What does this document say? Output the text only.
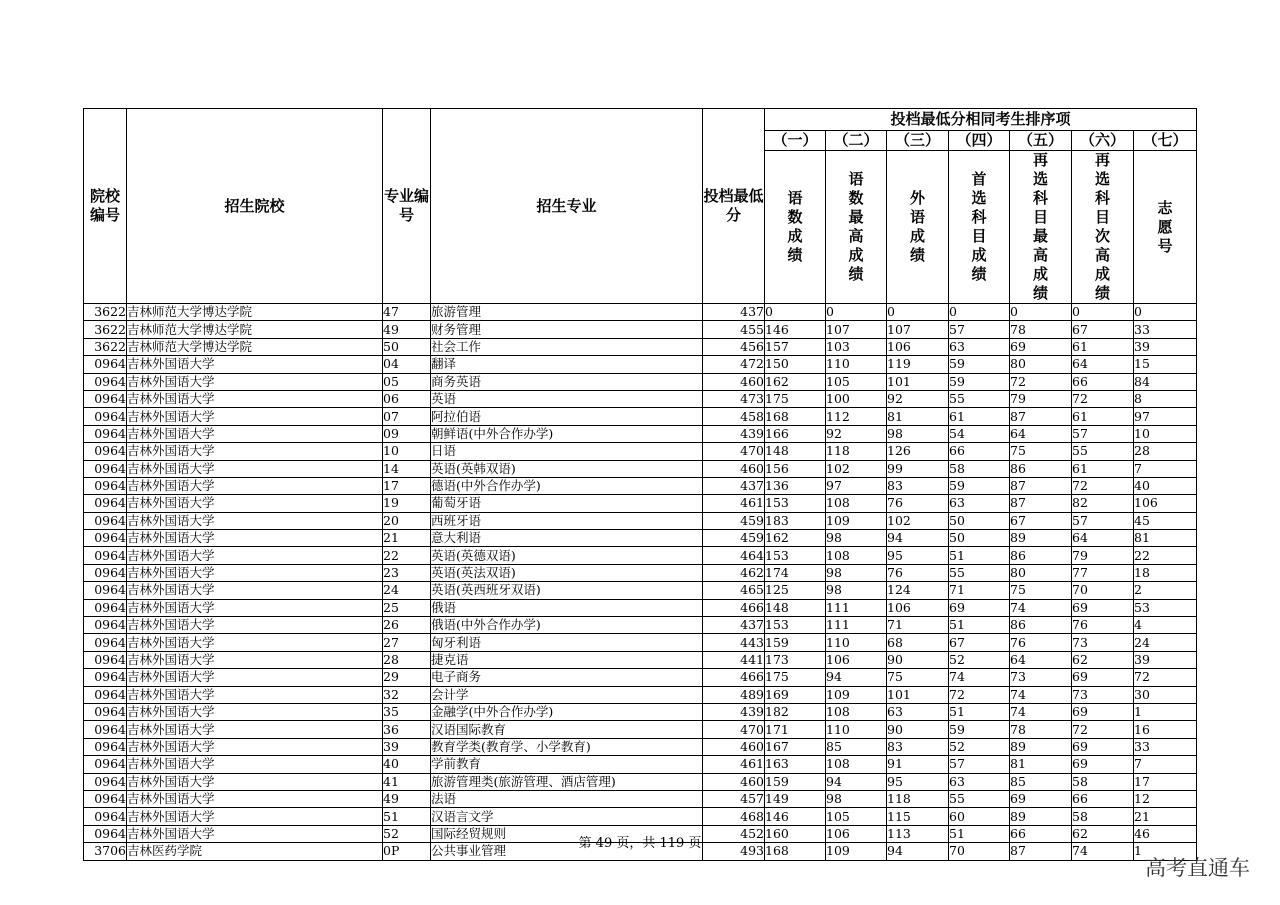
院校编号	招生院校	专业编号	招生专业	投档最低分	投档最低分相同考生排序项						
					（一）	（二）	（三）	（四）	（五）	（六）	（七）
					语数成绩	语数最高成绩	外语成绩	首选科目成绩	再选科目最高成绩	再选科目次高成绩	志愿号
3622	吉林师范大学博达学院	47	旅游管理	437	0	0	0	0	0	0	0
3622	吉林师范大学博达学院	49	财务管理	455	146	107	107	57	78	67	33
3622	吉林师范大学博达学院	50	社会工作	456	157	103	106	63	69	61	39
0964	吉林外国语大学	04	翻译	472	150	110	119	59	80	64	15
0964	吉林外国语大学	05	商务英语	460	162	105	101	59	72	66	84
0964	吉林外国语大学	06	英语	473	175	100	92	55	79	72	8
0964	吉林外国语大学	07	阿拉伯语	458	168	112	81	61	87	61	97
0964	吉林外国语大学	09	朝鲜语(中外合作办学)	439	166	92	98	54	64	57	10
0964	吉林外国语大学	10	日语	470	148	118	126	66	75	55	28
0964	吉林外国语大学	14	英语(英韩双语)	460	156	102	99	58	86	61	7
0964	吉林外国语大学	17	德语(中外合作办学)	437	136	97	83	59	87	72	40
0964	吉林外国语大学	19	葡萄牙语	461	153	108	76	63	87	82	106
0964	吉林外国语大学	20	西班牙语	459	183	109	102	50	67	57	45
0964	吉林外国语大学	21	意大利语	459	162	98	94	50	89	64	81
0964	吉林外国语大学	22	英语(英德双语)	464	153	108	95	51	86	79	22
0964	吉林外国语大学	23	英语(英法双语)	462	174	98	76	55	80	77	18
0964	吉林外国语大学	24	英语(英西班牙双语)	465	125	98	124	71	75	70	2
0964	吉林外国语大学	25	俄语	466	148	111	106	69	74	69	53
0964	吉林外国语大学	26	俄语(中外合作办学)	437	153	111	71	51	86	76	4
0964	吉林外国语大学	27	匈牙利语	443	159	110	68	67	76	73	24
0964	吉林外国语大学	28	捷克语	441	173	106	90	52	64	62	39
0964	吉林外国语大学	29	电子商务	466	175	94	75	74	73	69	72
0964	吉林外国语大学	32	会计学	489	169	109	101	72	74	73	30
0964	吉林外国语大学	35	金融学(中外合作办学)	439	182	108	63	51	74	69	1
0964	吉林外国语大学	36	汉语国际教育	470	171	110	90	59	78	72	16
0964	吉林外国语大学	39	教育学类(教育学、小学教育)	460	167	85	83	52	89	69	33
0964	吉林外国语大学	40	学前教育	461	163	108	91	57	81	69	7
0964	吉林外国语大学	41	旅游管理类(旅游管理、酒店管理)	460	159	94	95	63	85	58	17
0964	吉林外国语大学	49	法语	457	149	98	118	55	69	66	12
0964	吉林外国语大学	51	汉语言文学	468	146	105	115	60	89	58	21
0964	吉林外国语大学	52	国际经贸规则	452	160	106	113	51	66	62	46
3706	吉林医药学院	0P	公共事业管理	493	168	109	94	70	87	74	1
第 49 页，共 119 页
高考直通车
